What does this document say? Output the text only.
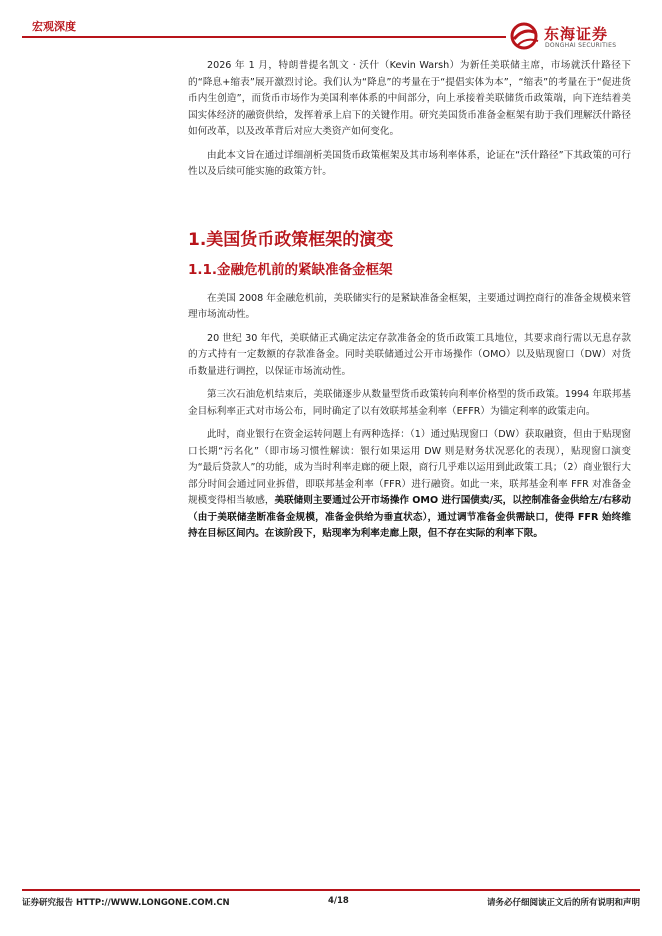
宏观深度	东海证券
DONGHAI SECURITIES

2026 年 1 月，特朗普提名凯文 · 沃什（Kevin Warsh）为新任美联储主席，市场就沃什路径下的“降息+缩表”展开激烈讨论。我们认为“降息”的考量在于“提倡实体为本”，“缩表”的考量在于“促进货币内生创造”，而货币市场作为美国利率体系的中间部分，向上承接着美联储货币政策端，向下连结着美国实体经济的融资供给，发挥着承上启下的关键作用。研究美国货币准备金框架有助于我们理解沃什路径如何改革，以及改革背后对应大类资产如何变化。

由此本文旨在通过详细剖析美国货币政策框架及其市场利率体系，论证在“沃什路径”下其政策的可行性以及后续可能实施的政策方针。

1.美国货币政策框架的演变
1.1.金融危机前的紧缺准备金框架

在美国 2008 年金融危机前，美联储实行的是紧缺准备金框架，主要通过调控商行的准备金规模来管理市场流动性。

20 世纪 30 年代，美联储正式确定法定存款准备金的货币政策工具地位，其要求商行需以无息存款的方式持有一定数额的存款准备金。同时美联储通过公开市场操作（OMO）以及贴现窗口（DW）对货币数量进行调控，以保证市场流动性。

第三次石油危机结束后，美联储逐步从数量型货币政策转向利率价格型的货币政策。1994 年联邦基金目标利率正式对市场公布，同时确定了以有效联邦基金利率（EFFR）为锚定利率的政策走向。

此时，商业银行在资金运转问题上有两种选择：（1）通过贴现窗口（DW）获取融资，但由于贴现窗口长期“污名化”（即市场习惯性解读：银行如果运用 DW 则是财务状况恶化的表现），贴现窗口演变为“最后贷款人”的功能，成为当时利率走廊的硬上限，商行几乎难以运用到此政策工具；（2）商业银行大部分时间会通过同业拆借，即联邦基金利率（FFR）进行融资。如此一来，联邦基金利率 FFR 对准备金规模变得相当敏感，美联储则主要通过公开市场操作 OMO 进行国债卖/买，以控制准备金供给左/右移动（由于美联储垄断准备金规模，准备金供给为垂直状态），通过调节准备金供需缺口，使得 FFR 始终维持在目标区间内。在该阶段下，贴现率为利率走廊上限，但不存在实际的利率下限。

证券研究报告 HTTP://WWW.LONGONE.COM.CN	4/18	请务必仔细阅读正文后的所有说明和声明
